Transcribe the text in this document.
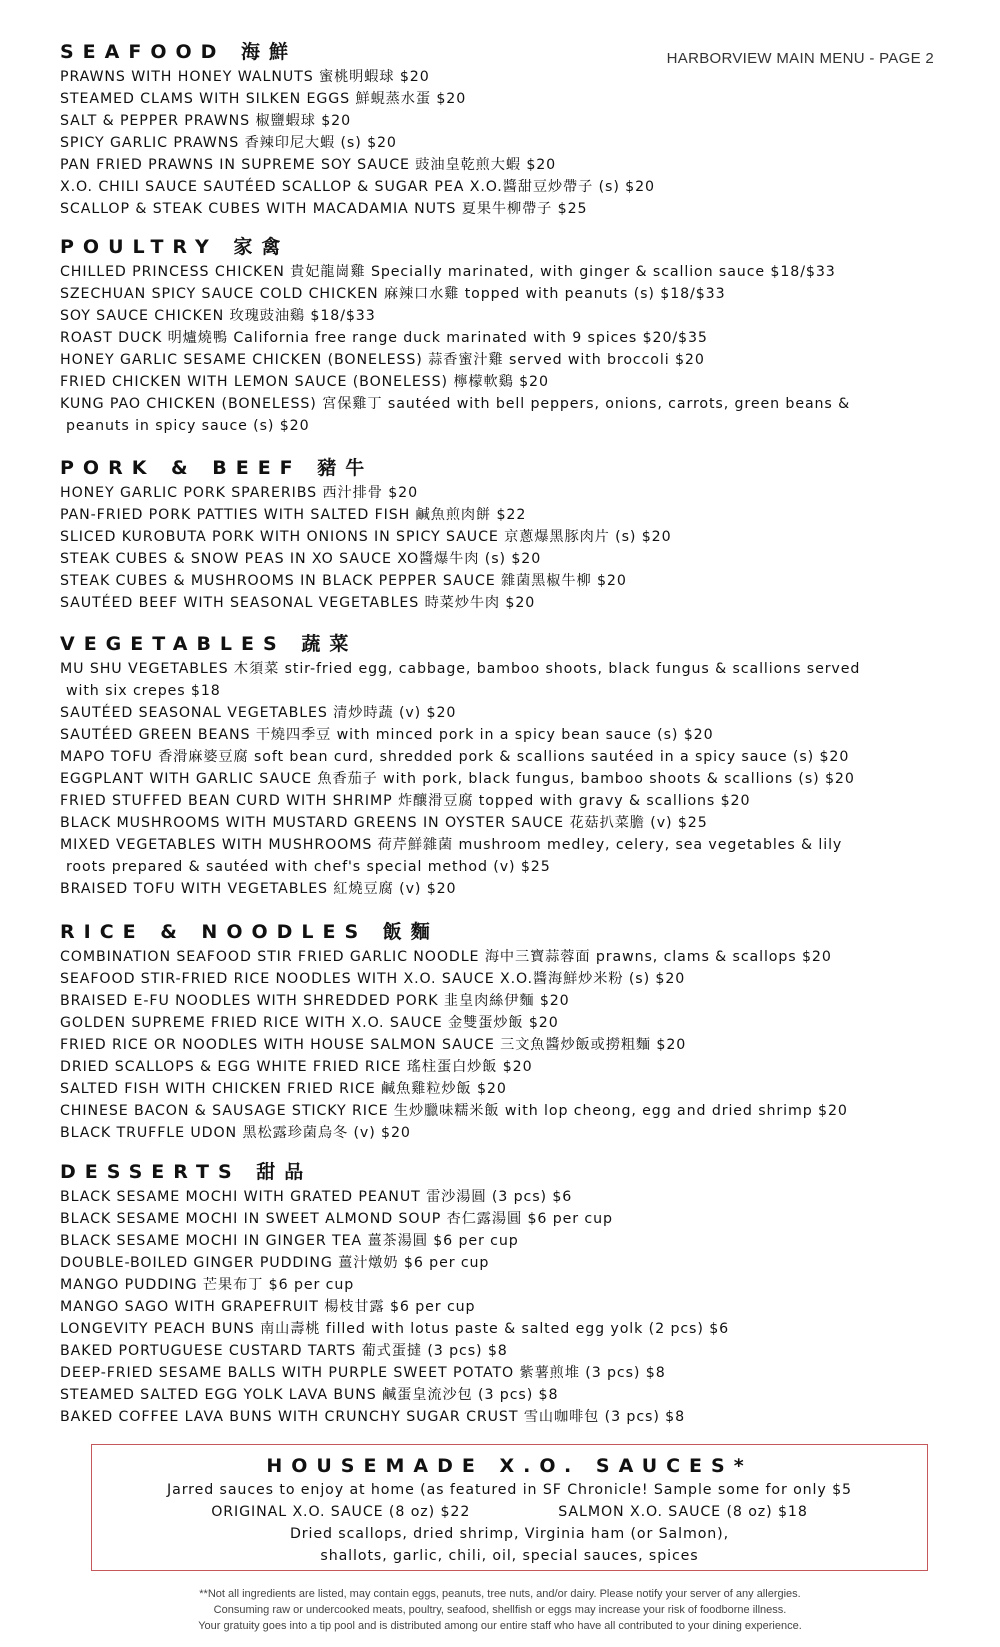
HARBORVIEW MAIN MENU - PAGE 2
SEAFOOD 海鮮
PRAWNS WITH HONEY WALNUTS 蜜桃明蝦球 $20
STEAMED CLAMS WITH SILKEN EGGS 鮮蜆蒸水蛋 $20
SALT & PEPPER PRAWNS 椒鹽蝦球 $20
SPICY GARLIC PRAWNS 香辣印尼大蝦 (s) $20
PAN FRIED PRAWNS IN SUPREME SOY SAUCE 豉油皇乾煎大蝦 $20
X.O. CHILI SAUCE SAUTÉED SCALLOP & SUGAR PEA X.O.醬甜豆炒帶子 (s) $20
SCALLOP & STEAK CUBES WITH MACADAMIA NUTS 夏果牛柳帶子 $25
POULTRY 家禽
CHILLED PRINCESS CHICKEN 貴妃龍崗雞 Specially marinated, with ginger & scallion sauce $18/$33
SZECHUAN SPICY SAUCE COLD CHICKEN 麻辣口水雞 topped with peanuts (s) $18/$33
SOY SAUCE CHICKEN 玫瑰豉油鷄 $18/$33
ROAST DUCK 明爐燒鴨 California free range duck marinated with 9 spices $20/$35
HONEY GARLIC SESAME CHICKEN (BONELESS) 蒜香蜜汁雞 served with broccoli $20
FRIED CHICKEN WITH LEMON SAUCE (BONELESS) 檸檬軟鷄 $20
KUNG PAO CHICKEN (BONELESS) 宮保雞丁 sautéed with bell peppers, onions, carrots, green beans &
peanuts in spicy sauce (s) $20
PORK & BEEF 豬牛
HONEY GARLIC PORK SPARERIBS 西汁排骨 $20
PAN-FRIED PORK PATTIES WITH SALTED FISH 鹹魚煎肉餅 $22
SLICED KUROBUTA PORK WITH ONIONS IN SPICY SAUCE 京蔥爆黑豚肉片 (s) $20
STEAK CUBES & SNOW PEAS IN XO SAUCE XO醬爆牛肉 (s) $20
STEAK CUBES & MUSHROOMS IN BLACK PEPPER SAUCE 雜菌黑椒牛柳 $20
SAUTÉED BEEF WITH SEASONAL VEGETABLES 時菜炒牛肉 $20
VEGETABLES 蔬菜
MU SHU VEGETABLES 木須菜 stir-fried egg, cabbage, bamboo shoots, black fungus & scallions served
with six crepes $18
SAUTÉED SEASONAL VEGETABLES 清炒時蔬 (v) $20
SAUTÉED GREEN BEANS 干燒四季豆 with minced pork in a spicy bean sauce (s) $20
MAPO TOFU 香滑麻婆豆腐 soft bean curd, shredded pork & scallions sautéed in a spicy sauce (s) $20
EGGPLANT WITH GARLIC SAUCE 魚香茄子 with pork, black fungus, bamboo shoots & scallions (s) $20
FRIED STUFFED BEAN CURD WITH SHRIMP 炸釀滑豆腐 topped with gravy & scallions $20
BLACK MUSHROOMS WITH MUSTARD GREENS IN OYSTER SAUCE 花菇扒菜膽 (v) $25
MIXED VEGETABLES WITH MUSHROOMS 荷芹鮮雜菌 mushroom medley, celery, sea vegetables & lily
roots prepared & sautéed with chef's special method (v) $25
BRAISED TOFU WITH VEGETABLES 紅燒豆腐 (v) $20
RICE & NOODLES 飯麵
COMBINATION SEAFOOD STIR FRIED GARLIC NOODLE 海中三寶蒜蓉面 prawns, clams & scallops $20
SEAFOOD STIR-FRIED RICE NOODLES WITH X.O. SAUCE X.O.醬海鮮炒米粉 (s) $20
BRAISED E-FU NOODLES WITH SHREDDED PORK 韭皇肉絲伊麵 $20
GOLDEN SUPREME FRIED RICE WITH X.O. SAUCE 金雙蛋炒飯 $20
FRIED RICE OR NOODLES WITH HOUSE SALMON SAUCE 三文魚醬炒飯或撈粗麵 $20
DRIED SCALLOPS & EGG WHITE FRIED RICE 瑤柱蛋白炒飯 $20
SALTED FISH WITH CHICKEN FRIED RICE 鹹魚雞粒炒飯 $20
CHINESE BACON & SAUSAGE STICKY RICE 生炒臘味糯米飯 with lop cheong, egg and dried shrimp $20
BLACK TRUFFLE UDON 黑松露珍菌烏冬 (v) $20
DESSERTS 甜品
BLACK SESAME MOCHI WITH GRATED PEANUT 雷沙湯圓 (3 pcs) $6
BLACK SESAME MOCHI IN SWEET ALMOND SOUP 杏仁露湯圓 $6 per cup
BLACK SESAME MOCHI IN GINGER TEA 薑茶湯圓 $6 per cup
DOUBLE-BOILED GINGER PUDDING 薑汁燉奶 $6 per cup
MANGO PUDDING 芒果布丁 $6 per cup
MANGO SAGO WITH GRAPEFRUIT 楊枝甘露 $6 per cup
LONGEVITY PEACH BUNS 南山壽桃 filled with lotus paste & salted egg yolk (2 pcs) $6
BAKED PORTUGUESE CUSTARD TARTS 葡式蛋撻 (3 pcs) $8
DEEP-FRIED SESAME BALLS WITH PURPLE SWEET POTATO 紫薯煎堆 (3 pcs) $8
STEAMED SALTED EGG YOLK LAVA BUNS 鹹蛋皇流沙包 (3 pcs) $8
BAKED COFFEE LAVA BUNS WITH CRUNCHY SUGAR CRUST 雪山咖啡包 (3 pcs) $8
HOUSEMADE X.O. SAUCES*
Jarred sauces to enjoy at home (as featured in SF Chronicle! Sample some for only $5
ORIGINAL X.O. SAUCE (8 oz) $22	SALMON X.O. SAUCE (8 oz) $18
Dried scallops, dried shrimp, Virginia ham (or Salmon),
shallots, garlic, chili, oil, special sauces, spices
**Not all ingredients are listed, may contain eggs, peanuts, tree nuts, and/or dairy. Please notify your server of any allergies.
Consuming raw or undercooked meats, poultry, seafood, shellfish or eggs may increase your risk of foodborne illness.
Your gratuity goes into a tip pool and is distributed among our entire staff who have all contributed to your dining experience.
